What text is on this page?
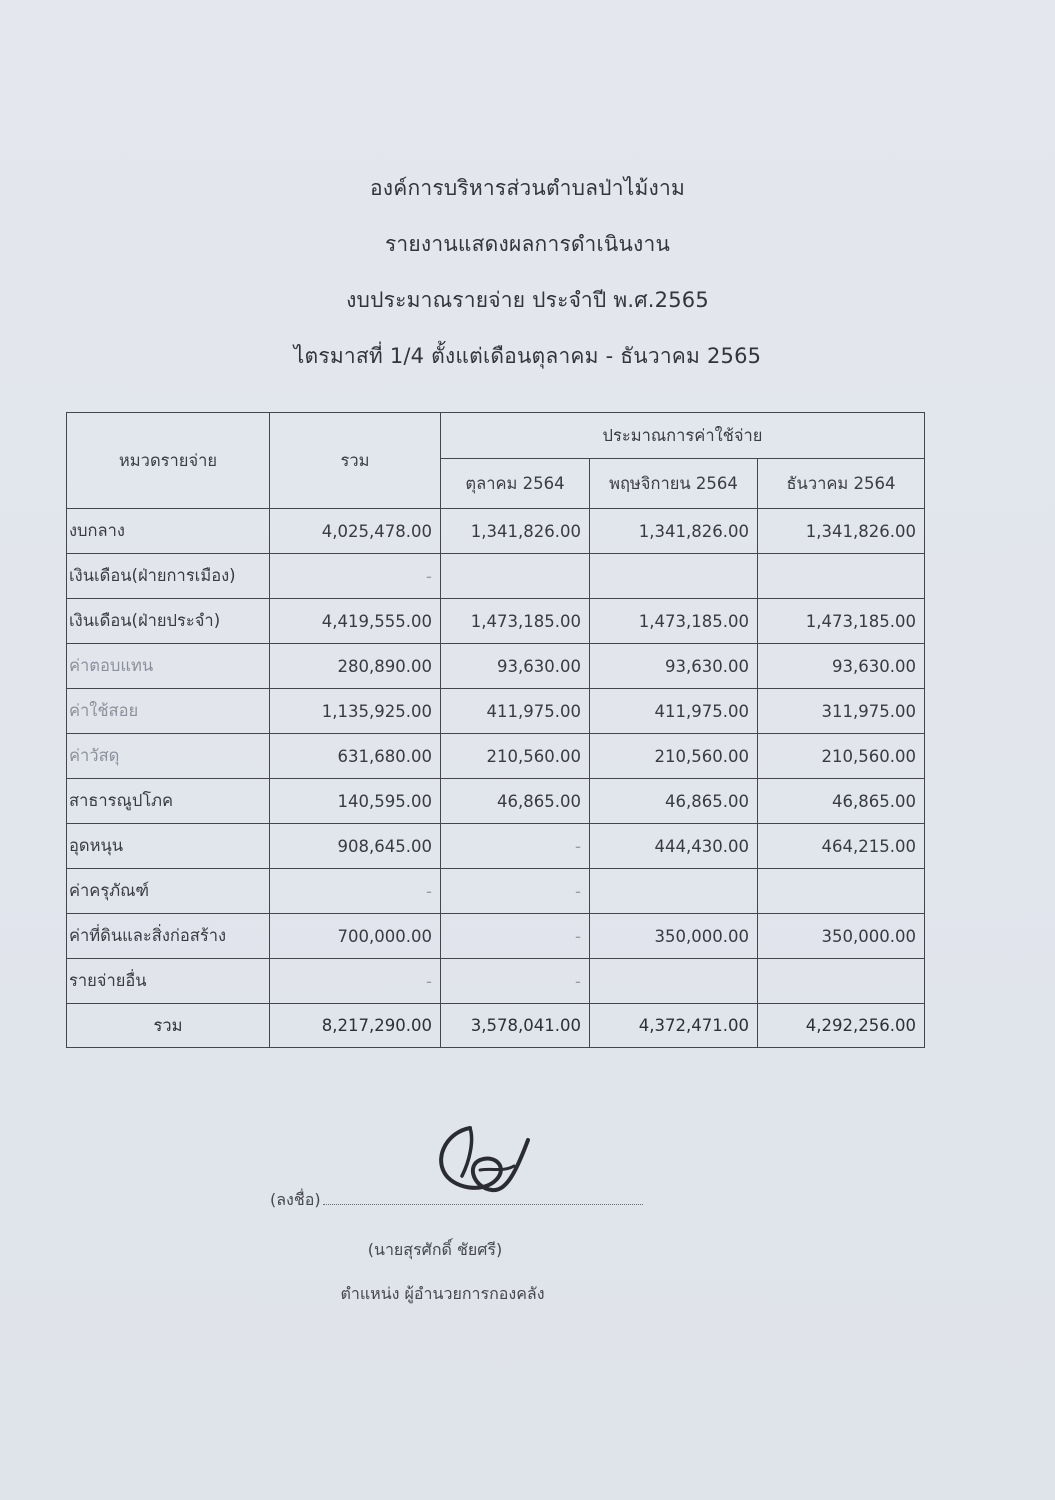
องค์การบริหารส่วนตำบลป่าไม้งาม
รายงานแสดงผลการดำเนินงาน
งบประมาณรายจ่าย ประจำปี พ.ศ.2565
ไตรมาสที่ 1/4 ตั้งแต่เดือนตุลาคม - ธันวาคม 2565
หมวดรายจ่าย	รวม	ประมาณการค่าใช้จ่าย		
		ตุลาคม 2564	พฤษจิกายน 2564	ธันวาคม 2564
งบกลาง	4,025,478.00	1,341,826.00	1,341,826.00	1,341,826.00
เงินเดือน(ฝ่ายการเมือง)	-			
เงินเดือน(ฝ่ายประจำ)	4,419,555.00	1,473,185.00	1,473,185.00	1,473,185.00
ค่าตอบแทน	280,890.00	93,630.00	93,630.00	93,630.00
ค่าใช้สอย	1,135,925.00	411,975.00	411,975.00	311,975.00
ค่าวัสดุ	631,680.00	210,560.00	210,560.00	210,560.00
สาธารณูปโภค	140,595.00	46,865.00	46,865.00	46,865.00
อุดหนุน	908,645.00	-	444,430.00	464,215.00
ค่าครุภัณฑ์	-	-		
ค่าที่ดินและสิ่งก่อสร้าง	700,000.00	-	350,000.00	350,000.00
รายจ่ายอื่น	-	-		
รวม	8,217,290.00	3,578,041.00	4,372,471.00	4,292,256.00
(ลงชื่อ)
(นายสุรศักดิ์ ชัยศรี)
ตำแหน่ง ผู้อำนวยการกองคลัง
